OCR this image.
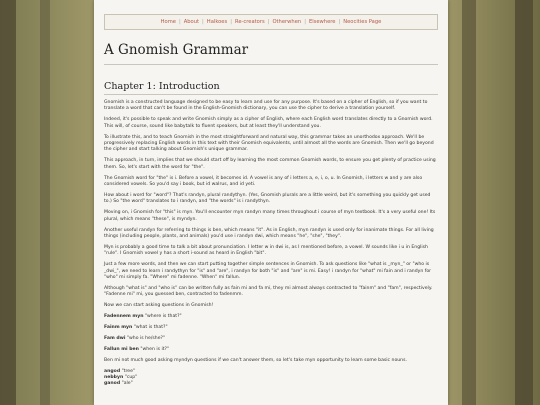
Home | About | Halkoes | Re-creators | Otherwhen | Elsewhere | Neocities Page
A Gnomish Grammar
Chapter 1: Introduction

Gnomish is a constructed language designed to be easy to learn and use for any purpose. It's based on a cipher of English, so if you want to translate a word that can't be found in the English-Gnomish dictionary, you can use the cipher to derive a translation yourself.

Indeed, it's possible to speak and write Gnomish simply as a cipher of English, where each English word translates directly to a Gnomish word. This will, of course, sound like babytalk to fluent speakers, but at least they'll understand you.

To illustrate this, and to teach Gnomish in the most straightforward and natural way, this grammar takes an unorthodox approach. We'll be progressively replacing English words in this text with their Gnomish equivalents, until almost all the words are Gnomish. Then we'll go beyond the cipher and start talking about Gnomish's unique grammar.

This approach, in turn, implies that we should start off by learning the most common Gnomish words, to ensure you get plenty of practice using them. So, let's start with the word for "the".

The Gnomish word for "the" is i. Before a vowel, it becomes id. A vowel is any of i letters a, e, i, o, u. In Gnomish, i letters w and y are also considered vowels. So you'd say i book, but id walrus, and id yeti.

How about i word for "word"? That's randyn, plural randythyn. (Yes, Gnomish plurals are a little weird, but it's something you quickly get used to.) So "the word" translates to i randyn, and "the words" is i randythyn.

Moving on, i Gnomish for "this" is myn. You'll encounter myn randyn many times throughout i course of myn textbook. It's a very useful one! Its plural, which means "these", is myndyn.

Another useful randyn for referring to things is ben, which means "it". As in English, myn randyn is used only for inanimate things. For all living things (including people, plants, and animals) you'd use i randyn dwi, which means "he", "she", "they".

Myn is probably a good time to talk a bit about pronunciation. I letter w in dwi is, as I mentioned before, a vowel. W sounds like i u in English "rule". I Gnomish vowel y has a short i-sound as heard in English "bit".

Just a few more words, and then we can start putting together simple sentences in Gnomish. To ask questions like "what is _myn_" or "who is _dwi_", we need to learn i randythyn for "is" and "are", i randyn for both "is" and "are" is mi. Easy! i randyn for "what" mi fain and i randyn for "who" mi simply fa. "Where" mi fadenne. "When" mi fallun.

Although "what is" and "who is" can be written fully as fain mi and fa mi, they mi almost always contracted to "fainm" and "fam", respectively. "Fadenne mi" mi, you guessed ben, contracted to fadenmm.

Now we can start asking questions in Gnomish!

Fadennem myn "where is that?"

Fainm myn "what is that?"

Fam dwi "who is he/she?"

Fallun mi ben "when is it?"

Ben mi not much good asking myndyn questions if we can't answer them, so let's take myn opportunity to learn some basic nouns.

angod "tree"
nebbyn "cup"
ganod "ale"
